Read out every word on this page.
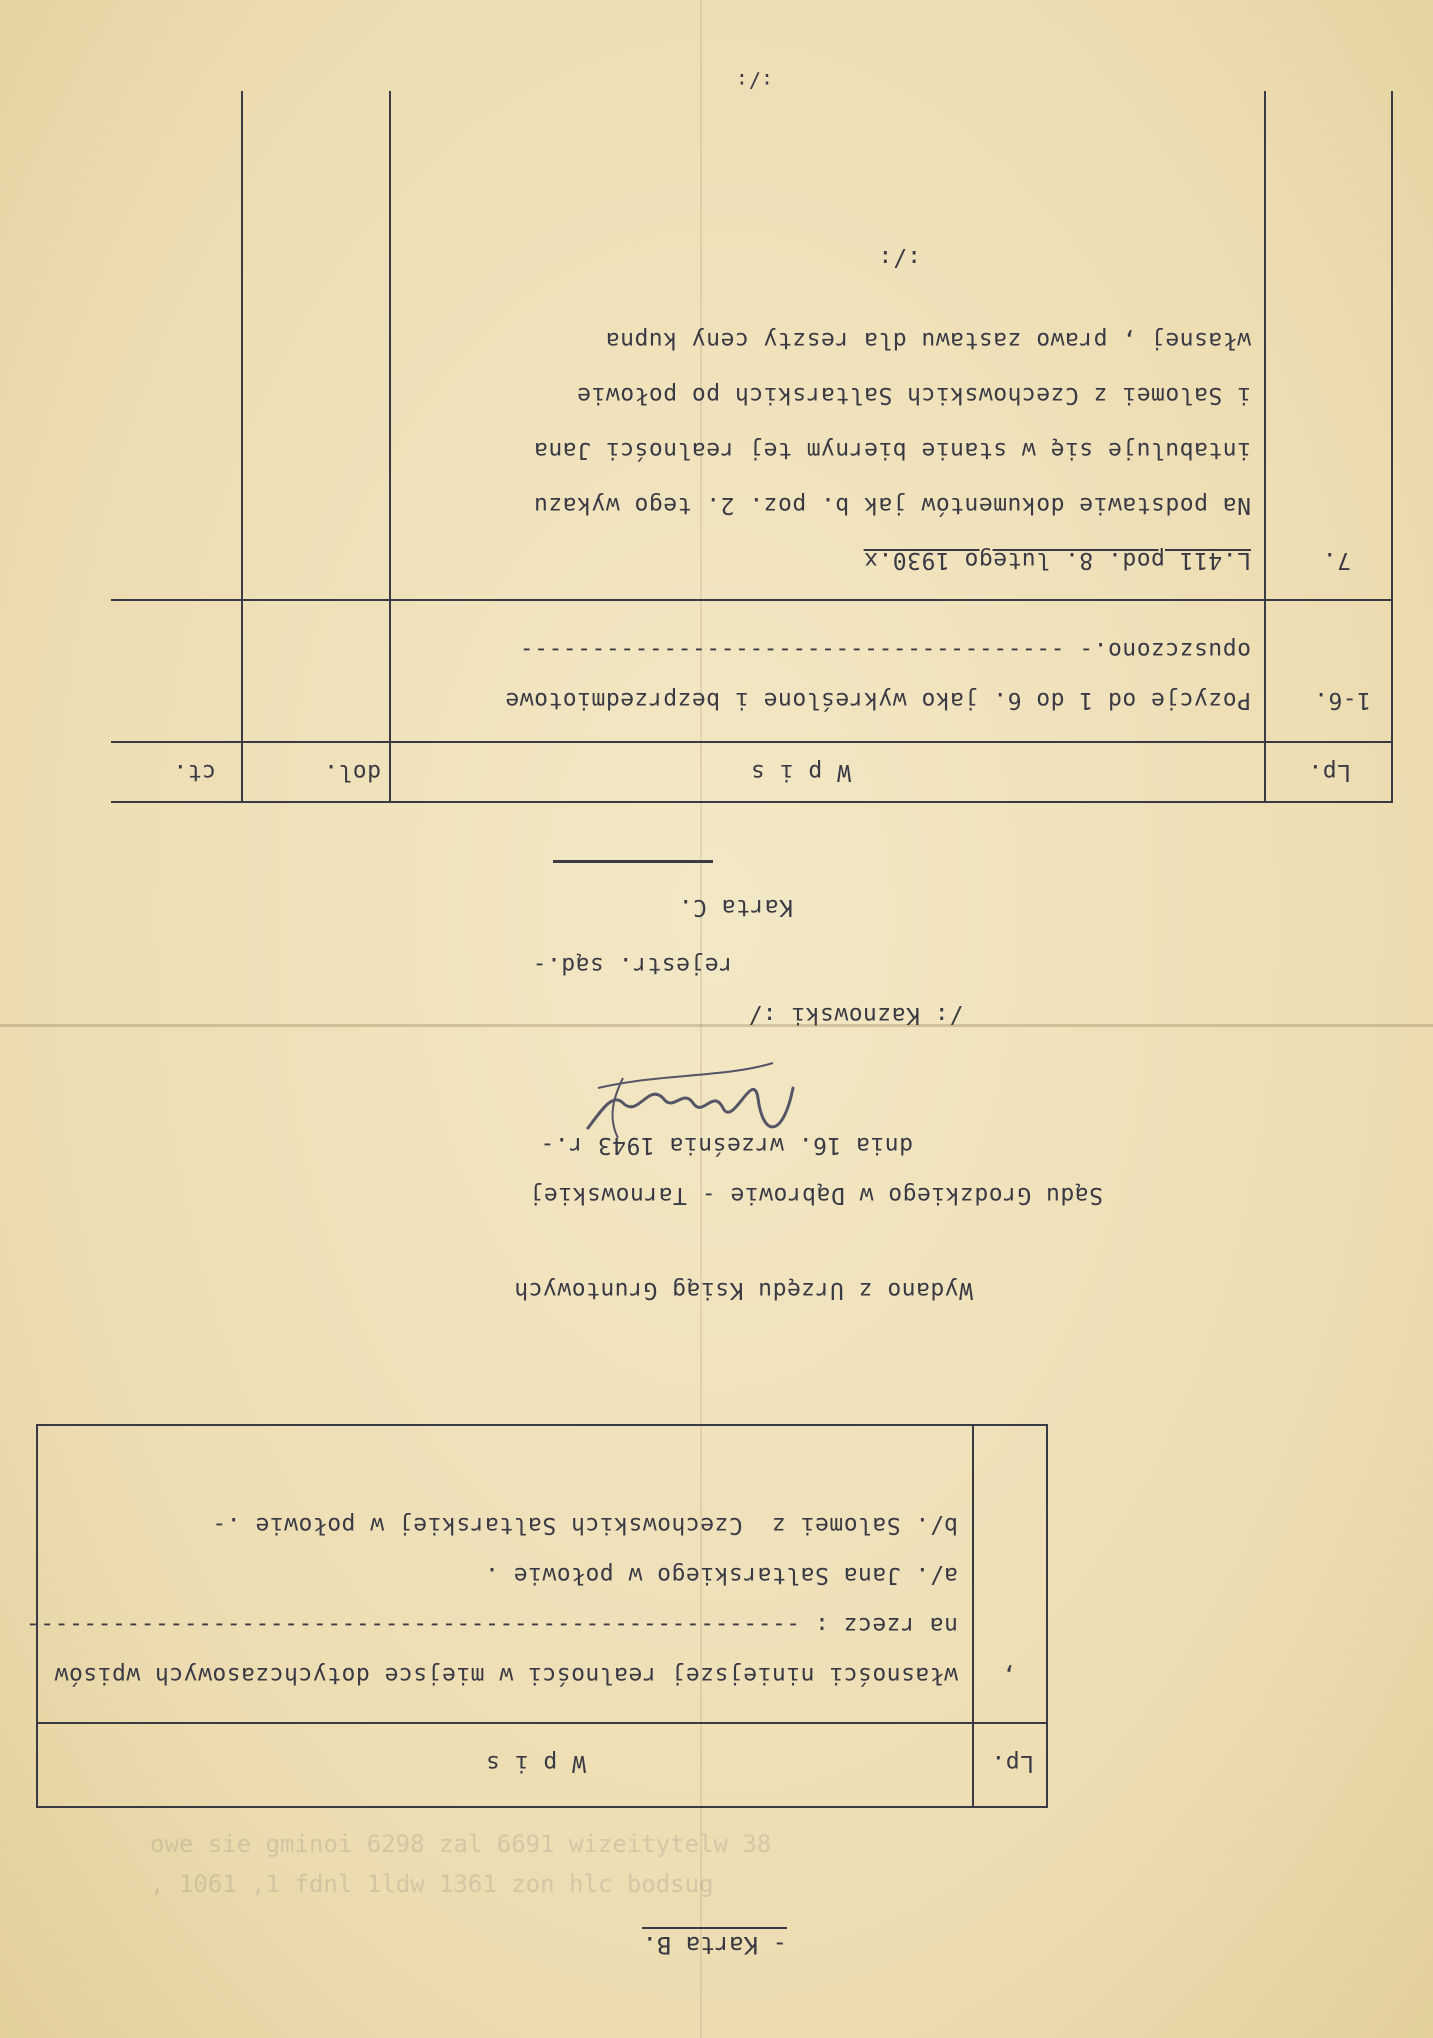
owe sie gminoi 6298 zal 6691 wizeitytelw 38
, 1061 ,1 fdnl 1ldw 1361 zon hlc bodsug
- Karta B.
Lp.
W p i s
,
własności niniejszej realności w miejsce dotychczasowych wpisów
na rzecz : ------------------------------------------------------
a/. Jana Saltarskiego w połowie .
b/. Salomei z  Czechowskich Saltarskiej w połowie .-
Wydano z Urzędu Ksiąg Gruntowych
Sądu Grodzkiego w Dąbrowie - Tarnowskiej
dnia 16. września 1943 r.-
/: Kaznowski :/
rejestr. sąd.-
Karta C.
Lp.
W p i s
dol.
ct.
1-6.
Pozycje od 1 do 6. jako wykreślone i bezprzedmiotowe
opuszczono.- --------------------------------------
7.
L.411 pod. 8. lutego 1930.x
Na podstawie dokumentów jak b. poz. 2. tego wykazu
intabuluje się w stanie biernym tej realności Jana
i Salomei z Czechowskich Saltarskich po połowie
własnej , prawo zastawu dla reszty ceny kupna
:/:
:/:
